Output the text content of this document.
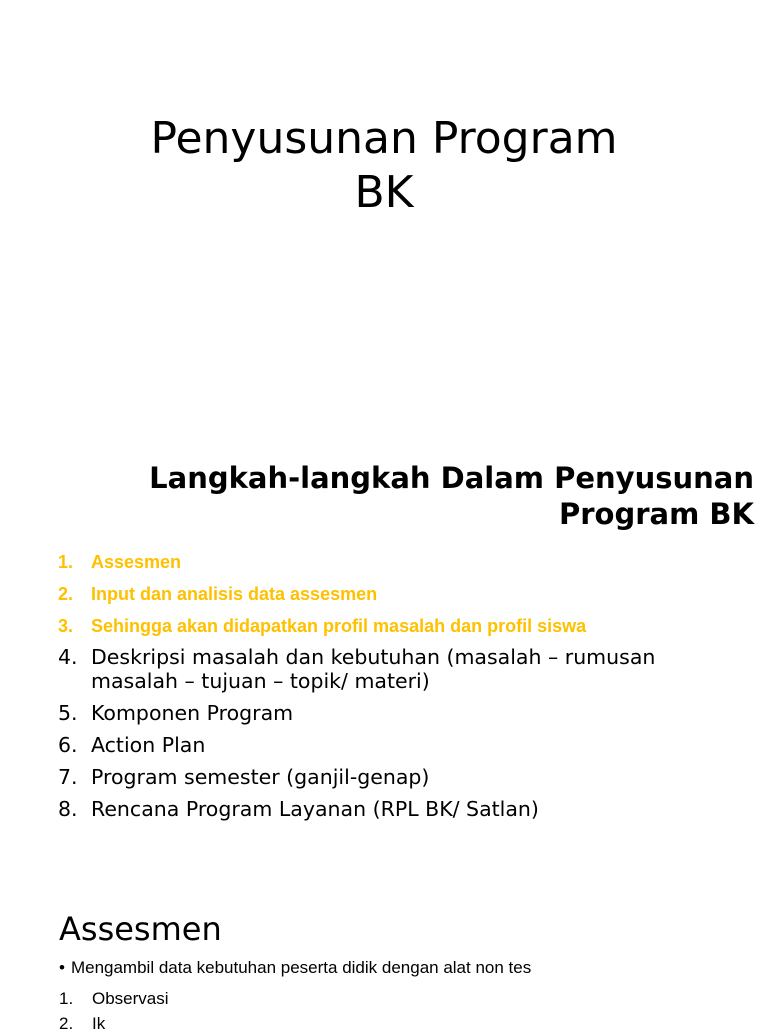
Penyusunan Program
BK
Langkah-langkah Dalam Penyusunan
Program BK
1. Assesmen
2. Input dan analisis data assesmen
3. Sehingga akan didapatkan profil masalah dan profil siswa
4. Deskripsi masalah dan kebutuhan (masalah – rumusan masalah – tujuan – topik/ materi)
5. Komponen Program
6. Action Plan
7. Program semester (ganjil-genap)
8. Rencana Program Layanan (RPL BK/ Satlan)
Assesmen

• Mengambil data kebutuhan peserta didik dengan alat non tes

1.	Observasi
2.	Ik
